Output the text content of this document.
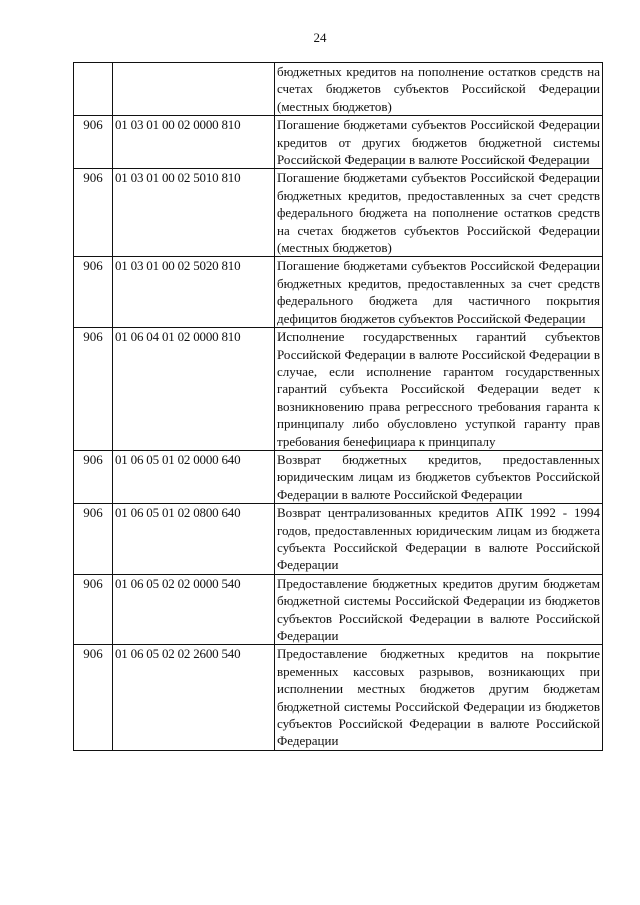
24
		бюджетных кредитов на пополнение остатков средств на счетах бюджетов субъектов Российской Федерации (местных бюджетов)
906	01 03 01 00 02 0000 810	Погашение бюджетами субъектов Российской Федерации кредитов от других бюджетов бюджетной системы Российской Федерации в валюте Российской Федерации
906	01 03 01 00 02 5010 810	Погашение бюджетами субъектов Российской Федерации бюджетных кредитов, предоставленных за счет средств федерального бюджета на пополнение остатков средств на счетах бюджетов субъектов Российской Федерации (местных бюджетов)
906	01 03 01 00 02 5020 810	Погашение бюджетами субъектов Российской Федерации бюджетных кредитов, предоставленных за счет средств федерального бюджета для частичного покрытия дефицитов бюджетов субъектов Российской Федерации
906	01 06 04 01 02 0000 810	Исполнение государственных гарантий субъектов Российской Федерации в валюте Российской Федерации в случае, если исполнение гарантом государственных гарантий субъекта Российской Федерации ведет к возникновению права регрессного требования гаранта к принципалу либо обусловлено уступкой гаранту прав требования бенефициара к принципалу
906	01 06 05 01 02 0000 640	Возврат бюджетных кредитов, предоставленных юридическим лицам из бюджетов субъектов Российской Федерации в валюте Российской Федерации
906	01 06 05 01 02 0800 640	Возврат централизованных кредитов АПК 1992 - 1994 годов, предоставленных юридическим лицам из бюджета субъекта Российской Федерации в валюте Российской Федерации
906	01 06 05 02 02 0000 540	Предоставление бюджетных кредитов другим бюджетам бюджетной системы Российской Федерации из бюджетов субъектов Российской Федерации в валюте Российской Федерации
906	01 06 05 02 02 2600 540	Предоставление бюджетных кредитов на покрытие временных кассовых разрывов, возникающих при исполнении местных бюджетов другим бюджетам бюджетной системы Российской Федерации из бюджетов субъектов Российской Федерации в валюте Российской Федерации
